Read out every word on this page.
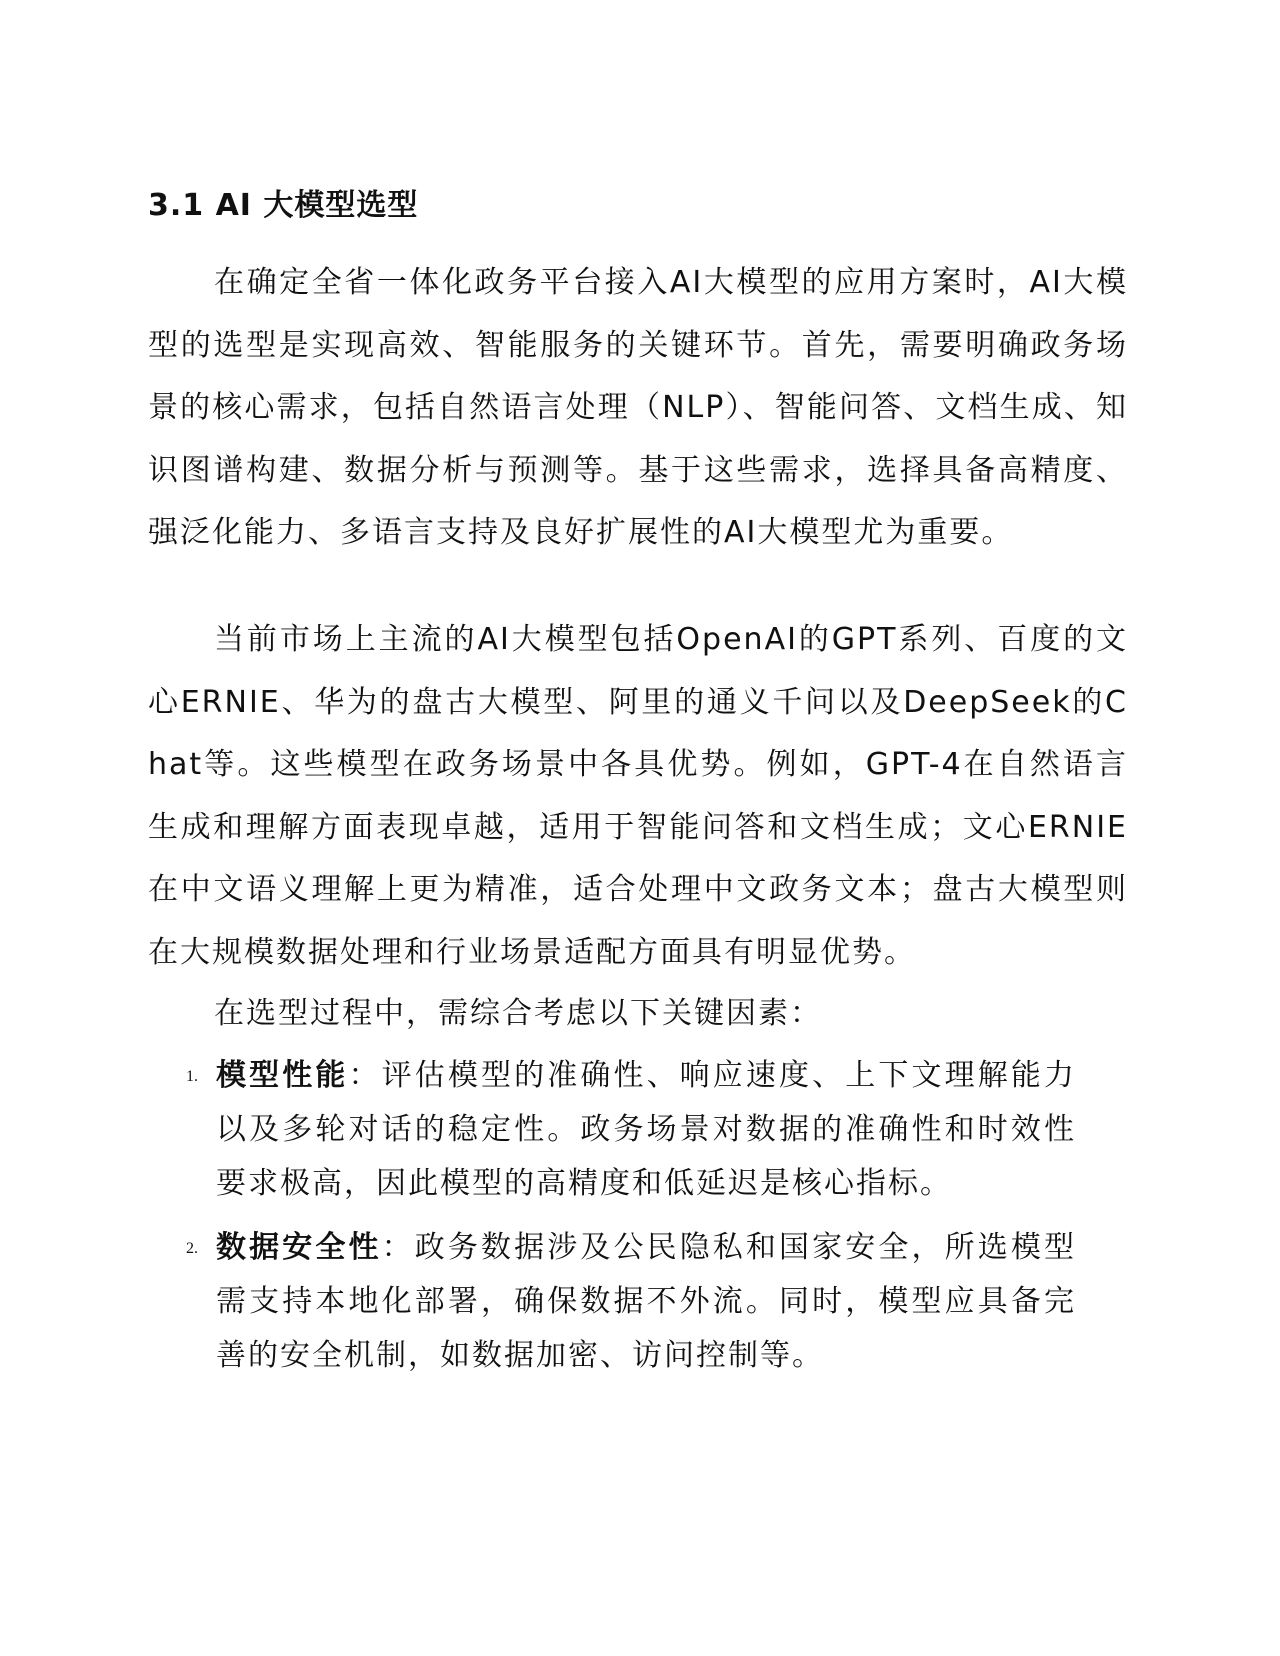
3.1 AI 大模型选型

在确定全省一体化政务平台接入AI大模型的应用方案时，AI大模型的选型是实现高效、智能服务的关键环节。首先，需要明确政务场景的核心需求，包括自然语言处理（NLP）、智能问答、文档生成、知识图谱构建、数据分析与预测等。基于这些需求，选择具备高精度、强泛化能力、多语言支持及良好扩展性的AI大模型尤为重要。

当前市场上主流的AI大模型包括OpenAI的GPT系列、百度的文心ERNIE、华为的盘古大模型、阿里的通义千问以及DeepSeek的Chat等。这些模型在政务场景中各具优势。例如，GPT-4在自然语言生成和理解方面表现卓越，适用于智能问答和文档生成；文心ERNIE在中文语义理解上更为精准，适合处理中文政务文本；盘古大模型则在大规模数据处理和行业场景适配方面具有明显优势。

在选型过程中，需综合考虑以下关键因素：

1. 模型性能：评估模型的准确性、响应速度、上下文理解能力以及多轮对话的稳定性。政务场景对数据的准确性和时效性要求极高，因此模型的高精度和低延迟是核心指标。
2. 数据安全性：政务数据涉及公民隐私和国家安全，所选模型需支持本地化部署，确保数据不外流。同时，模型应具备完善的安全机制，如数据加密、访问控制等。
